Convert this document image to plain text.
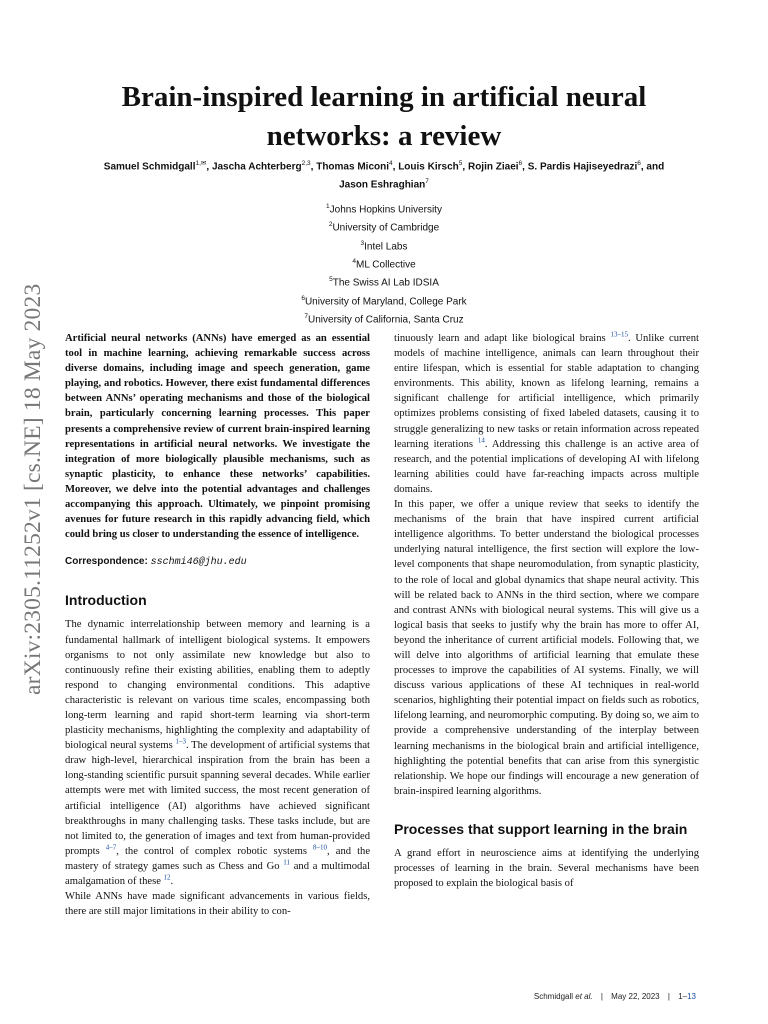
arXiv:2305.11252v1 [cs.NE] 18 May 2023
Brain-inspired learning in artificial neural networks: a review
Samuel Schmidgall$^{1,✉}$, Jascha Achterberg$^{2,3}$, Thomas Miconi$^4$, Louis Kirsch$^5$, Rojin Ziaei$^6$, S. Pardis Hajiseyedrazi$^6$, and
Jason Eshraghian$^7$
$^1$Johns Hopkins University
$^2$University of Cambridge
$^3$Intel Labs
$^4$ML Collective
$^5$The Swiss AI Lab IDSIA
$^6$University of Maryland, College Park
$^7$University of California, Santa Cruz

Artificial neural networks (ANNs) have emerged as an essential tool in machine learning, achieving remarkable success across diverse domains, including image and speech generation, game playing, and robotics. However, there exist fundamental differences between ANNs’ operating mechanisms and those of the biological brain, particularly concerning learning processes. This paper presents a comprehensive review of current brain-inspired learning representations in artificial neural networks. We investigate the integration of more biologically plausible mechanisms, such as synaptic plasticity, to enhance these networks’ capabilities. Moreover, we delve into the potential advantages and challenges accompanying this approach. Ultimately, we pinpoint promising avenues for future research in this rapidly advancing field, which could bring us closer to understanding the essence of intelligence.

Correspondence: sschmi46@jhu.edu

Introduction

The dynamic interrelationship between memory and learning is a fundamental hallmark of intelligent biological systems. It empowers organisms to not only assimilate new knowledge but also to continuously refine their existing abilities, enabling them to adeptly respond to changing environmental conditions. This adaptive characteristic is relevant on various time scales, encompassing both long-term learning and rapid short-term learning via short-term plasticity mechanisms, highlighting the complexity and adaptability of biological neural systems $^{1-3}$. The development of artificial systems that draw high-level, hierarchical inspiration from the brain has been a long-standing scientific pursuit spanning several decades. While earlier attempts were met with limited success, the most recent generation of artificial intelligence (AI) algorithms have achieved significant breakthroughs in many challenging tasks. These tasks include, but are not limited to, the generation of images and text from human-provided prompts $^{4-7}$, the control of complex robotic systems $^{8-10}$, and the mastery of strategy games such as Chess and Go $^{11}$ and a multimodal amalgamation of these $^{12}$.

While ANNs have made significant advancements in various fields, there are still major limitations in their ability to con-

tinuously learn and adapt like biological brains $^{13-15}$. Unlike current models of machine intelligence, animals can learn throughout their entire lifespan, which is essential for stable adaptation to changing environments. This ability, known as lifelong learning, remains a significant challenge for artificial intelligence, which primarily optimizes problems consisting of fixed labeled datasets, causing it to struggle generalizing to new tasks or retain information across repeated learning iterations $^{14}$. Addressing this challenge is an active area of research, and the potential implications of developing AI with lifelong learning abilities could have far-reaching impacts across multiple domains.

In this paper, we offer a unique review that seeks to identify the mechanisms of the brain that have inspired current artificial intelligence algorithms. To better understand the biological processes underlying natural intelligence, the first section will explore the low-level components that shape neuromodulation, from synaptic plasticity, to the role of local and global dynamics that shape neural activity. This will be related back to ANNs in the third section, where we compare and contrast ANNs with biological neural systems. This will give us a logical basis that seeks to justify why the brain has more to offer AI, beyond the inheritance of current artificial models. Following that, we will delve into algorithms of artificial learning that emulate these processes to improve the capabilities of AI systems. Finally, we will discuss various applications of these AI techniques in real-world scenarios, highlighting their potential impact on fields such as robotics, lifelong learning, and neuromorphic computing. By doing so, we aim to provide a comprehensive understanding of the interplay between learning mechanisms in the biological brain and artificial intelligence, highlighting the potential benefits that can arise from this synergistic relationship. We hope our findings will encourage a new generation of brain-inspired learning algorithms.

Processes that support learning in the brain

A grand effort in neuroscience aims at identifying the underlying processes of learning in the brain. Several mechanisms have been proposed to explain the biological basis of

Schmidgall et al. | May 22, 2023 | 1–13
